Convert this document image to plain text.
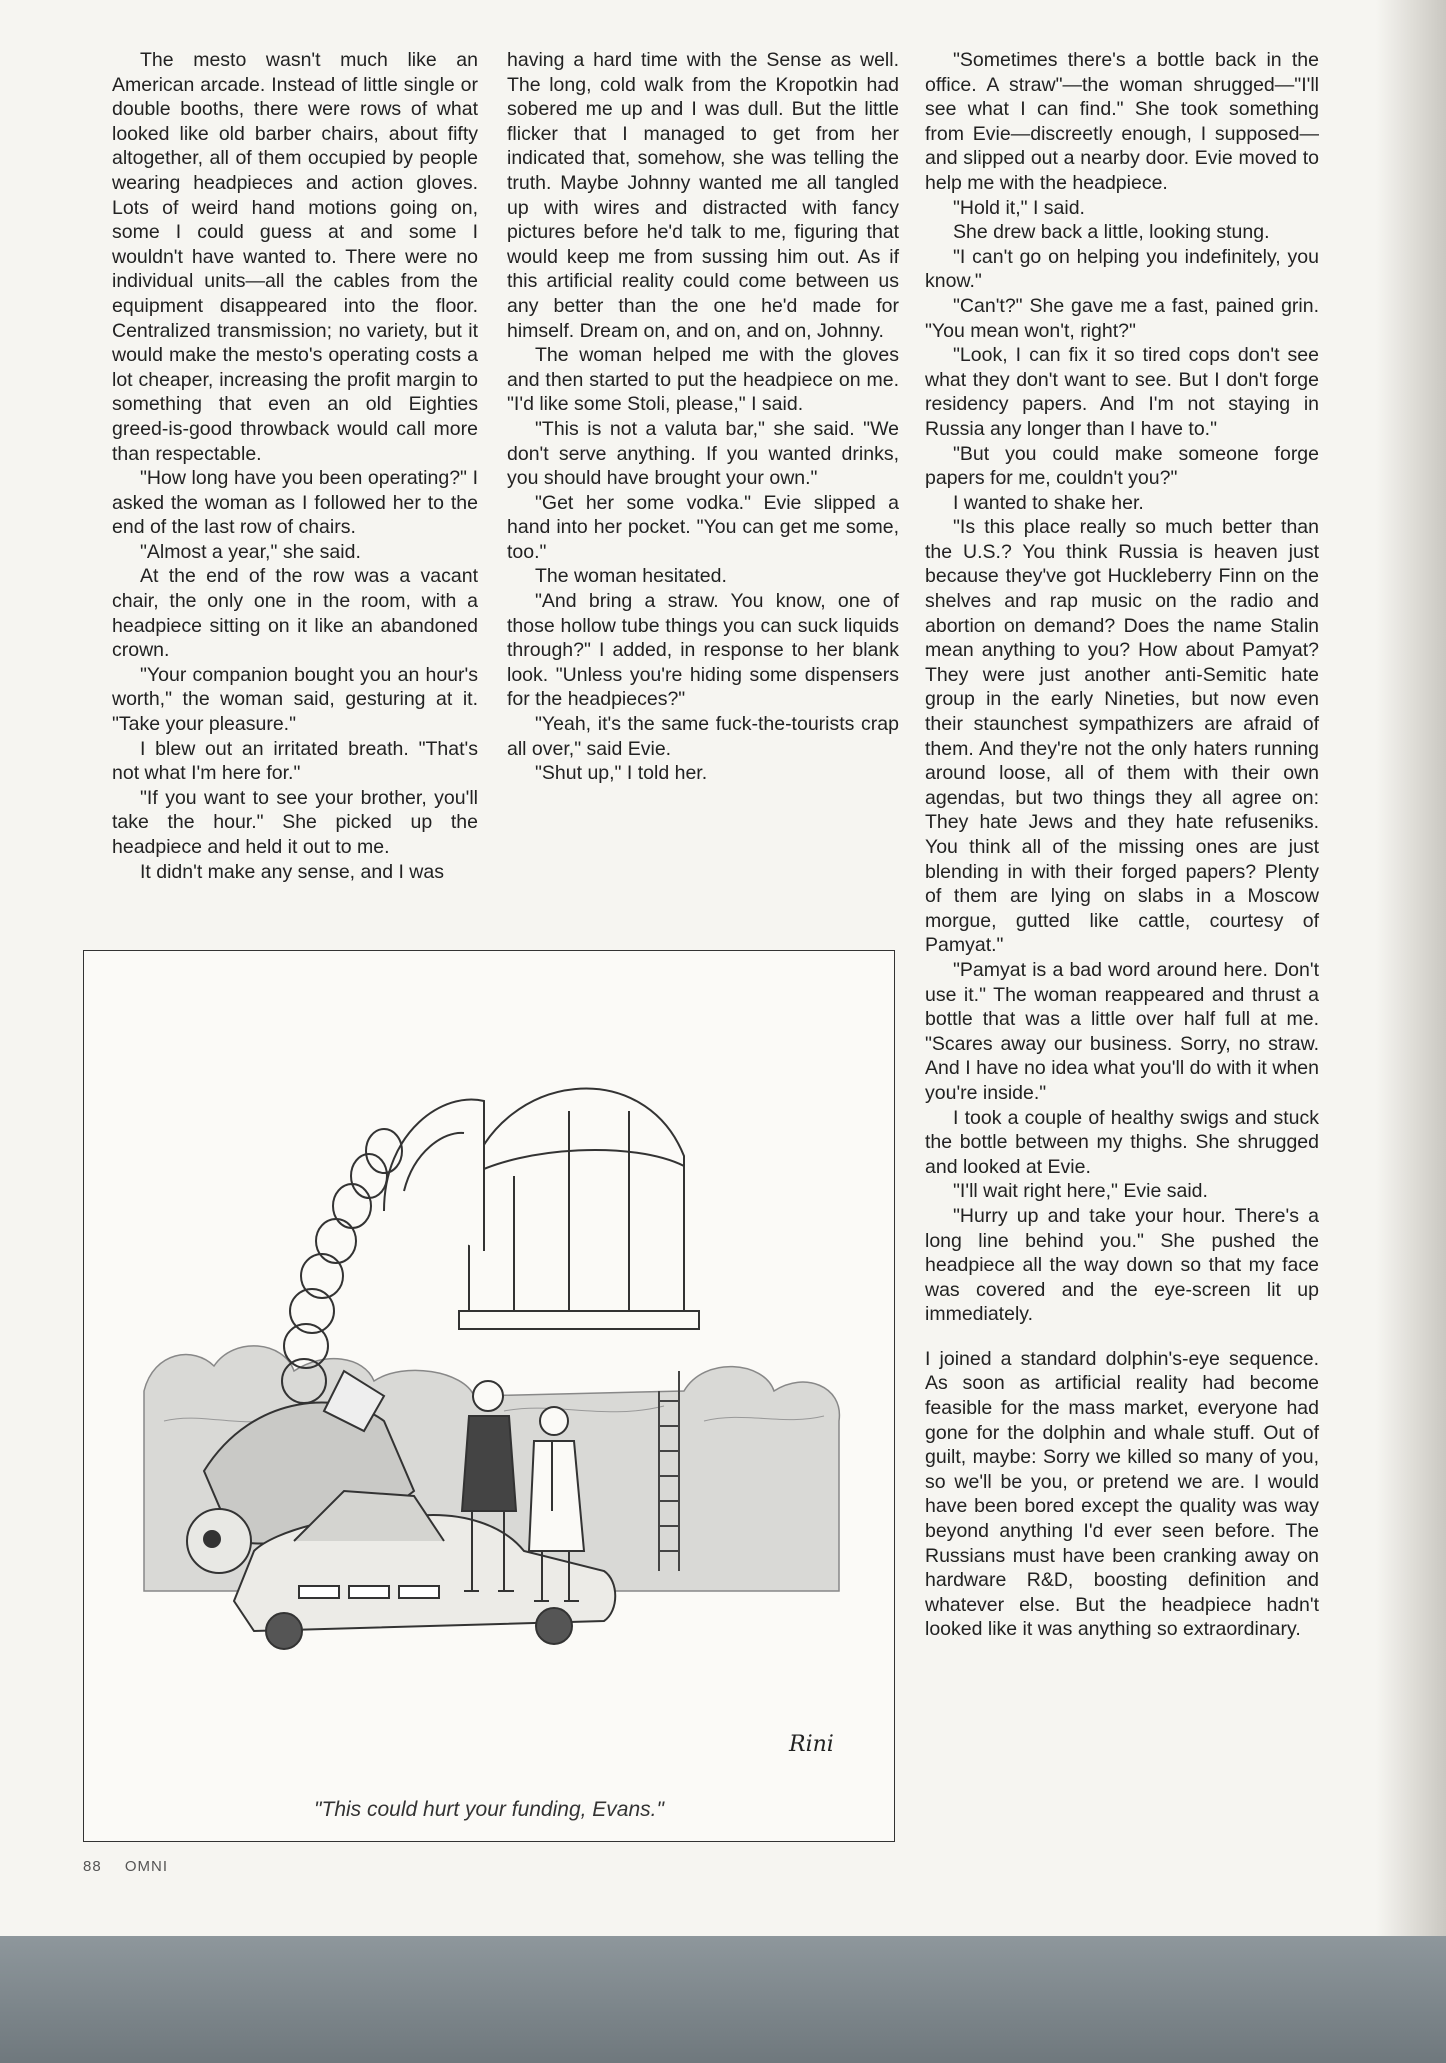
The mesto wasn't much like an American arcade. Instead of little single or double booths, there were rows of what looked like old barber chairs, about fifty altogether, all of them occupied by people wearing headpieces and action gloves. Lots of weird hand motions going on, some I could guess at and some I wouldn't have wanted to. There were no individual units—all the cables from the equipment disappeared into the floor. Centralized transmission; no variety, but it would make the mesto's operating costs a lot cheaper, increasing the profit margin to something that even an old Eighties greed-is-good throwback would call more than respectable.

"How long have you been operating?" I asked the woman as I followed her to the end of the last row of chairs.

"Almost a year," she said.

At the end of the row was a vacant chair, the only one in the room, with a headpiece sitting on it like an abandoned crown.

"Your companion bought you an hour's worth," the woman said, gesturing at it. "Take your pleasure."

I blew out an irritated breath. "That's not what I'm here for."

"If you want to see your brother, you'll take the hour." She picked up the headpiece and held it out to me.

It didn't make any sense, and I was

having a hard time with the Sense as well. The long, cold walk from the Kropotkin had sobered me up and I was dull. But the little flicker that I managed to get from her indicated that, somehow, she was telling the truth. Maybe Johnny wanted me all tangled up with wires and distracted with fancy pictures before he'd talk to me, figuring that would keep me from sussing him out. As if this artificial reality could come between us any better than the one he'd made for himself. Dream on, and on, and on, Johnny.

The woman helped me with the gloves and then started to put the headpiece on me. "I'd like some Stoli, please," I said.

"This is not a valuta bar," she said. "We don't serve anything. If you wanted drinks, you should have brought your own."

"Get her some vodka." Evie slipped a hand into her pocket. "You can get me some, too."

The woman hesitated.

"And bring a straw. You know, one of those hollow tube things you can suck liquids through?" I added, in response to her blank look. "Unless you're hiding some dispensers for the headpieces?"

"Yeah, it's the same fuck-the-tourists crap all over," said Evie.

"Shut up," I told her.

"Sometimes there's a bottle back in the office. A straw"—the woman shrugged—"I'll see what I can find." She took something from Evie—discreetly enough, I supposed—and slipped out a nearby door. Evie moved to help me with the headpiece.

"Hold it," I said.

She drew back a little, looking stung.

"I can't go on helping you indefinitely, you know."

"Can't?" She gave me a fast, pained grin. "You mean won't, right?"

"Look, I can fix it so tired cops don't see what they don't want to see. But I don't forge residency papers. And I'm not staying in Russia any longer than I have to."

"But you could make someone forge papers for me, couldn't you?"

I wanted to shake her.

"Is this place really so much better than the U.S.? You think Russia is heaven just because they've got Huckleberry Finn on the shelves and rap music on the radio and abortion on demand? Does the name Stalin mean anything to you? How about Pamyat? They were just another anti-Semitic hate group in the early Nineties, but now even their staunchest sympathizers are afraid of them. And they're not the only haters running around loose, all of them with their own agendas, but two things they all agree on: They hate Jews and they hate refuseniks. You think all of the missing ones are just blending in with their forged papers? Plenty of them are lying on slabs in a Moscow morgue, gutted like cattle, courtesy of Pamyat."

"Pamyat is a bad word around here. Don't use it." The woman reappeared and thrust a bottle that was a little over half full at me. "Scares away our business. Sorry, no straw. And I have no idea what you'll do with it when you're inside."

I took a couple of healthy swigs and stuck the bottle between my thighs. She shrugged and looked at Evie.

"I'll wait right here," Evie said.

"Hurry up and take your hour. There's a long line behind you." She pushed the headpiece all the way down so that my face was covered and the eye-screen lit up immediately.

I joined a standard dolphin's-eye sequence. As soon as artificial reality had become feasible for the mass market, everyone had gone for the dolphin and whale stuff. Out of guilt, maybe: Sorry we killed so many of you, so we'll be you, or pretend we are. I would have been bored except the quality was way beyond anything I'd ever seen before. The Russians must have been cranking away on hardware R&D, boosting definition and whatever else. But the headpiece hadn't looked like it was anything so extraordinary.

Rini
"This could hurt your funding, Evans."
88 OMNI
